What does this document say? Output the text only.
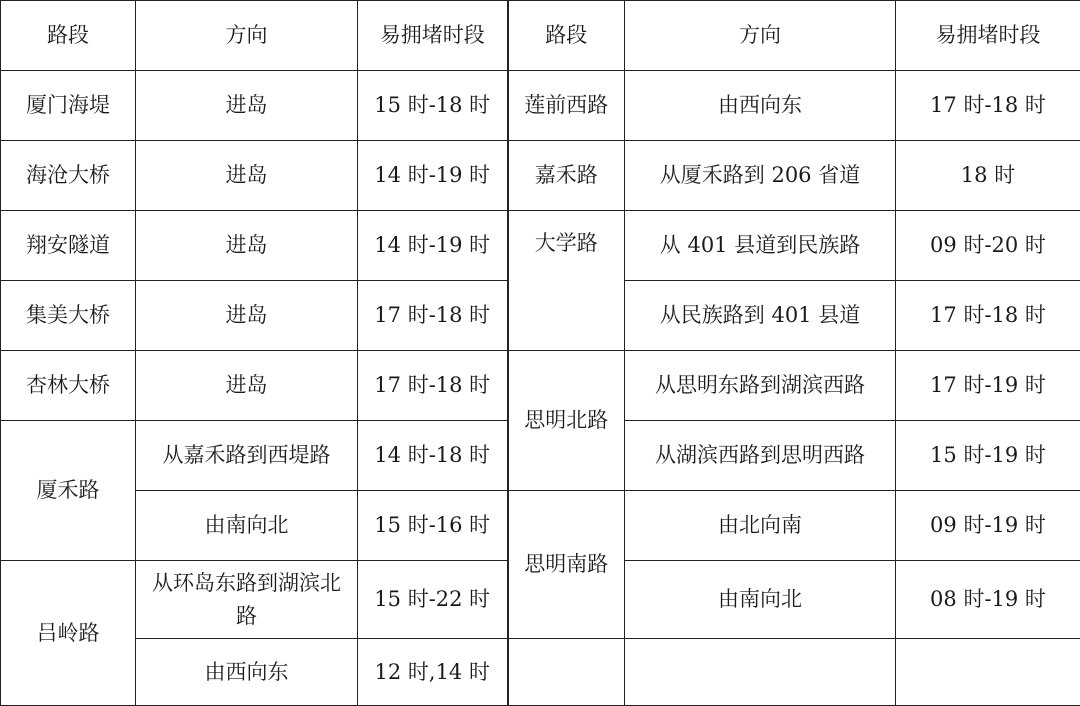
路段	方向	易拥堵时段	路段	方向	易拥堵时段
厦门海堤	进岛	15 时-18 时	莲前西路	由西向东	17 时-18 时
海沧大桥	进岛	14 时-19 时	嘉禾路	从厦禾路到 206 省道	18 时
翔安隧道	进岛	14 时-19 时	大学路	从 401 县道到民族路	09 时-20 时
集美大桥	进岛	17 时-18 时		从民族路到 401 县道	17 时-18 时
杏林大桥	进岛	17 时-18 时	思明北路	从思明东路到湖滨西路	17 时-19 时
厦禾路	从嘉禾路到西堤路	14 时-18 时		从湖滨西路到思明西路	15 时-19 时
	由南向北	15 时-16 时	思明南路	由北向南	09 时-19 时
吕岭路	从环岛东路到湖滨北路	15 时-22 时		由南向北	08 时-19 时
	由西向东	12 时,14 时			
